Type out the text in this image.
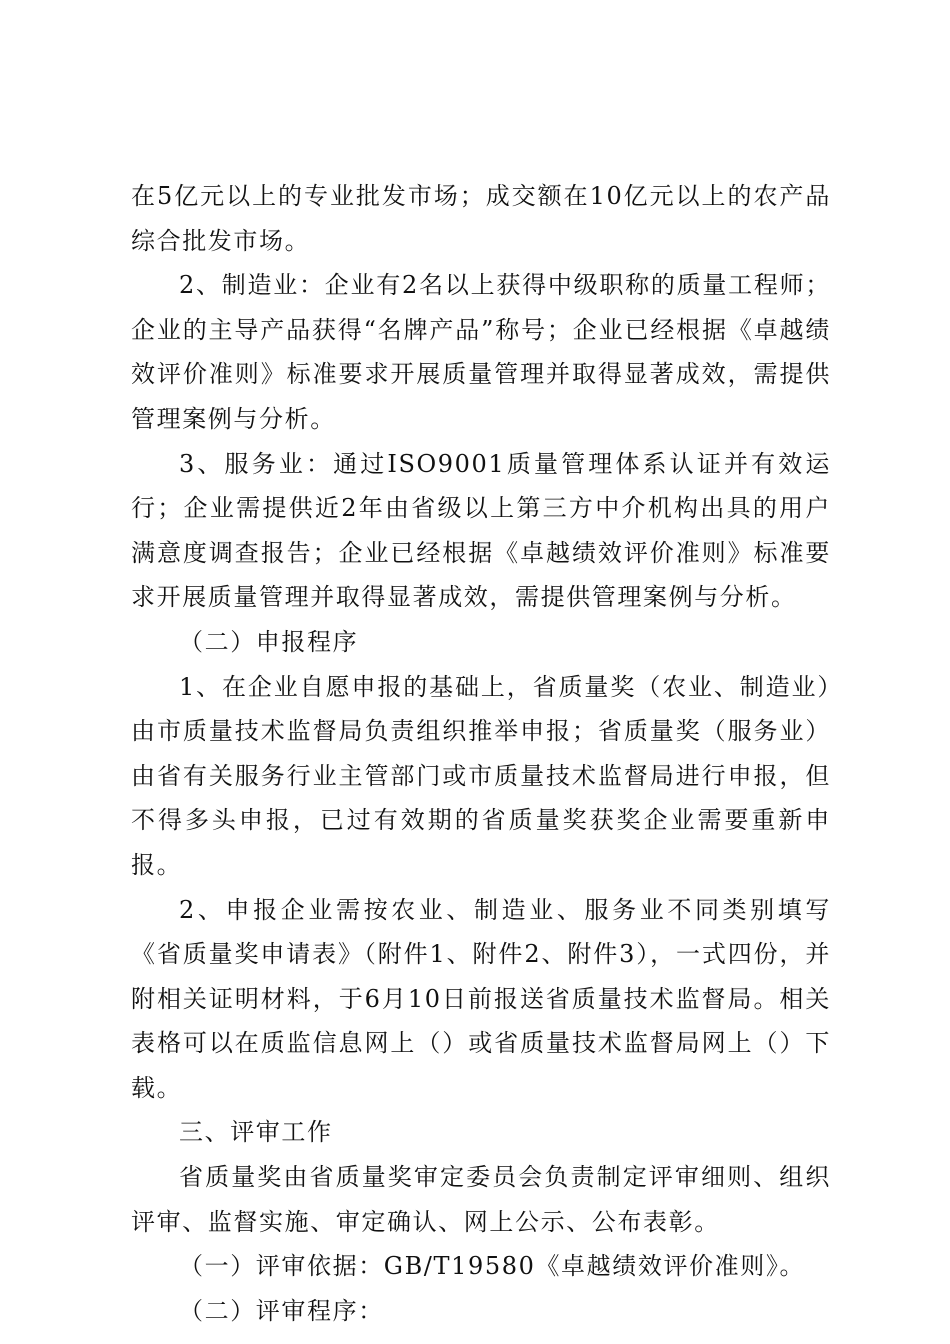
在5亿元以上的专业批发市场；成交额在10亿元以上的农产品综合批发市场。

2、制造业：企业有2名以上获得中级职称的质量工程师；企业的主导产品获得“名牌产品”称号；企业已经根据《卓越绩效评价准则》标准要求开展质量管理并取得显著成效，需提供管理案例与分析。

3、服务业：通过ISO9001质量管理体系认证并有效运行；企业需提供近2年由省级以上第三方中介机构出具的用户满意度调查报告；企业已经根据《卓越绩效评价准则》标准要求开展质量管理并取得显著成效，需提供管理案例与分析。

（二）申报程序

1、在企业自愿申报的基础上，省质量奖（农业、制造业）由市质量技术监督局负责组织推举申报；省质量奖（服务业）由省有关服务行业主管部门或市质量技术监督局进行申报，但不得多头申报，已过有效期的省质量奖获奖企业需要重新申报。

2、申报企业需按农业、制造业、服务业不同类别填写《省质量奖申请表》（附件1、附件2、附件3），一式四份，并附相关证明材料，于6月10日前报送省质量技术监督局。相关表格可以在质监信息网上（）或省质量技术监督局网上（）下载。

三、评审工作

省质量奖由省质量奖审定委员会负责制定评审细则、组织评审、监督实施、审定确认、网上公示、公布表彰。

（一）评审依据：GB/T19580《卓越绩效评价准则》。

（二）评审程序：
